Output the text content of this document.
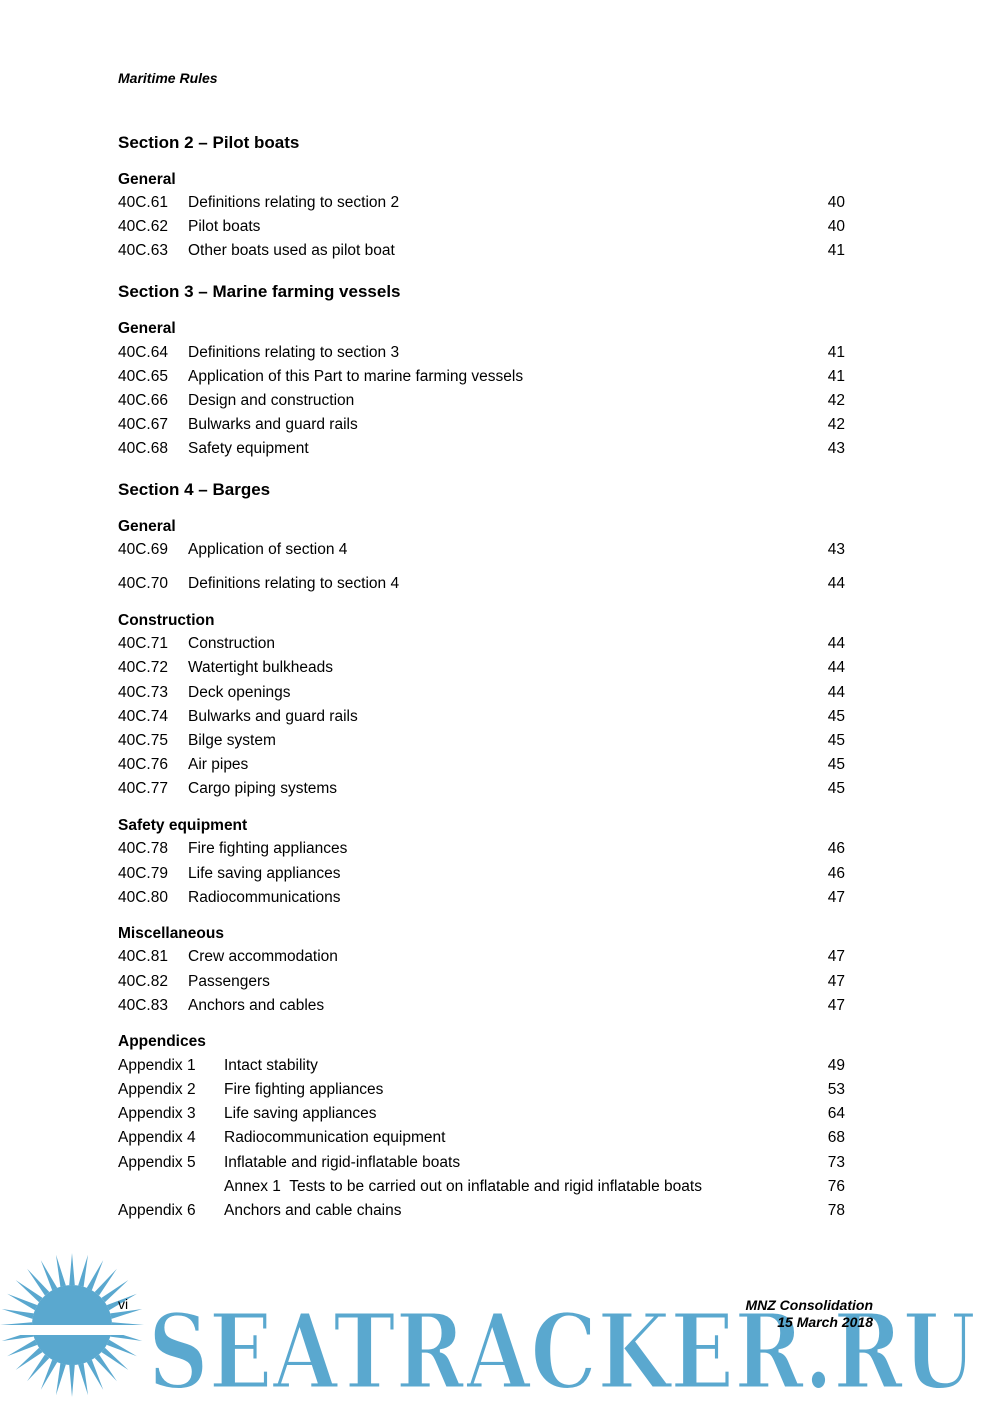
Maritime Rules
Section 2 – Pilot boats
General
40C.61 Definitions relating to section 2	40
40C.62 Pilot boats	40
40C.63 Other boats used as pilot boat	41
Section 3 – Marine farming vessels
General
40C.64 Definitions relating to section 3	41
40C.65 Application of this Part to marine farming vessels	41
40C.66 Design and construction	42
40C.67 Bulwarks and guard rails	42
40C.68 Safety equipment	43
Section 4 – Barges
General
40C.69 Application of section 4	43
40C.70 Definitions relating to section 4	44
Construction
40C.71 Construction	44
40C.72 Watertight bulkheads	44
40C.73 Deck openings	44
40C.74 Bulwarks and guard rails	45
40C.75 Bilge system	45
40C.76 Air pipes	45
40C.77 Cargo piping systems	45
Safety equipment
40C.78 Fire fighting appliances	46
40C.79 Life saving appliances	46
40C.80 Radiocommunications	47
Miscellaneous
40C.81 Crew accommodation	47
40C.82 Passengers	47
40C.83 Anchors and cables	47
Appendices
Appendix 1 Intact stability	49
Appendix 2 Fire fighting appliances	53
Appendix 3 Life saving appliances	64
Appendix 4 Radiocommunication equipment	68
Appendix 5 Inflatable and rigid-inflatable boats	73
Annex 1  Tests to be carried out on inflatable and rigid inflatable boats	76
Appendix 6 Anchors and cable chains	78
SEATRACKER.RU
vi	MNZ Consolidation
15 March 2018
